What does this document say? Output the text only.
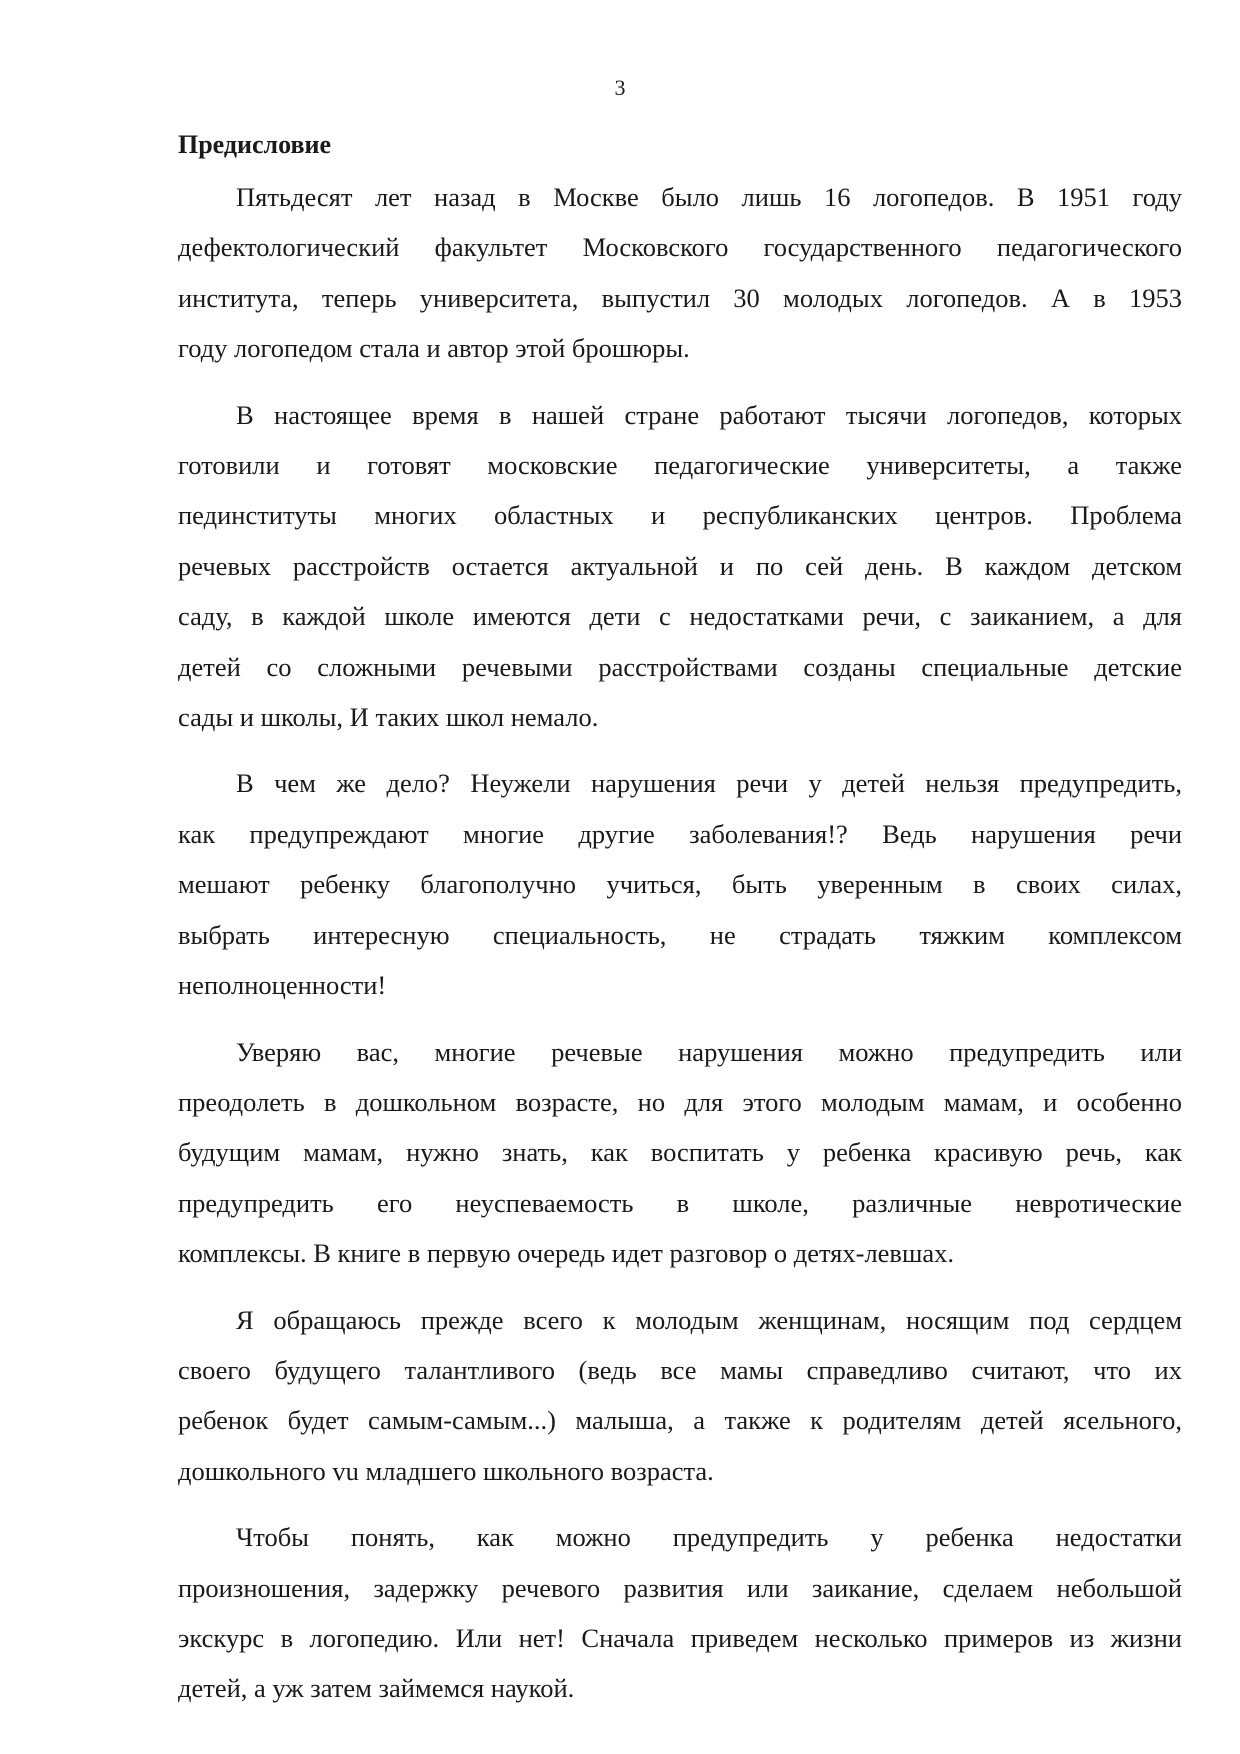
3
Предисловие
Пятьдесят лет назад в Москве было лишь 16 логопедов. В 1951 году
дефектологический факультет Московского государственного педагогического
института, теперь университета, выпустил 30 молодых логопедов. А в 1953
году логопедом стала и автор этой брошюры.
В настоящее время в нашей стране работают тысячи логопедов, которых
готовили и готовят московские педагогические университеты, а также
пединституты многих областных и республиканских центров. Проблема
речевых расстройств остается актуальной и по сей день. В каждом детском
саду, в каждой школе имеются дети с недостатками речи, с заиканием, а для
детей со сложными речевыми расстройствами созданы специальные детские
сады и школы, И таких школ немало.
В чем же дело? Неужели нарушения речи у детей нельзя предупредить,
как предупреждают многие другие заболевания!? Ведь нарушения речи
мешают ребенку благополучно учиться, быть уверенным в своих силах,
выбрать интересную специальность, не страдать тяжким комплексом
неполноценности!
Уверяю вас, многие речевые нарушения можно предупредить или
преодолеть в дошкольном возрасте, но для этого молодым мамам, и особенно
будущим мамам, нужно знать, как воспитать у ребенка красивую речь, как
предупредить его неуспеваемость в школе, различные невротические
комплексы. В книге в первую очередь идет разговор о детях-левшах.
Я обращаюсь прежде всего к молодым женщинам, носящим под сердцем
своего будущего талантливого (ведь все мамы справедливо считают, что их
ребенок будет самым-самым...) малыша, а также к родителям детей ясельного,
дошкольного vu младшего школьного возраста.
Чтобы понять, как можно предупредить у ребенка недостатки
произношения, задержку речевого развития или заикание, сделаем небольшой
экскурс в логопедию. Или нет! Сначала приведем несколько примеров из жизни
детей, а уж затем займемся наукой.
